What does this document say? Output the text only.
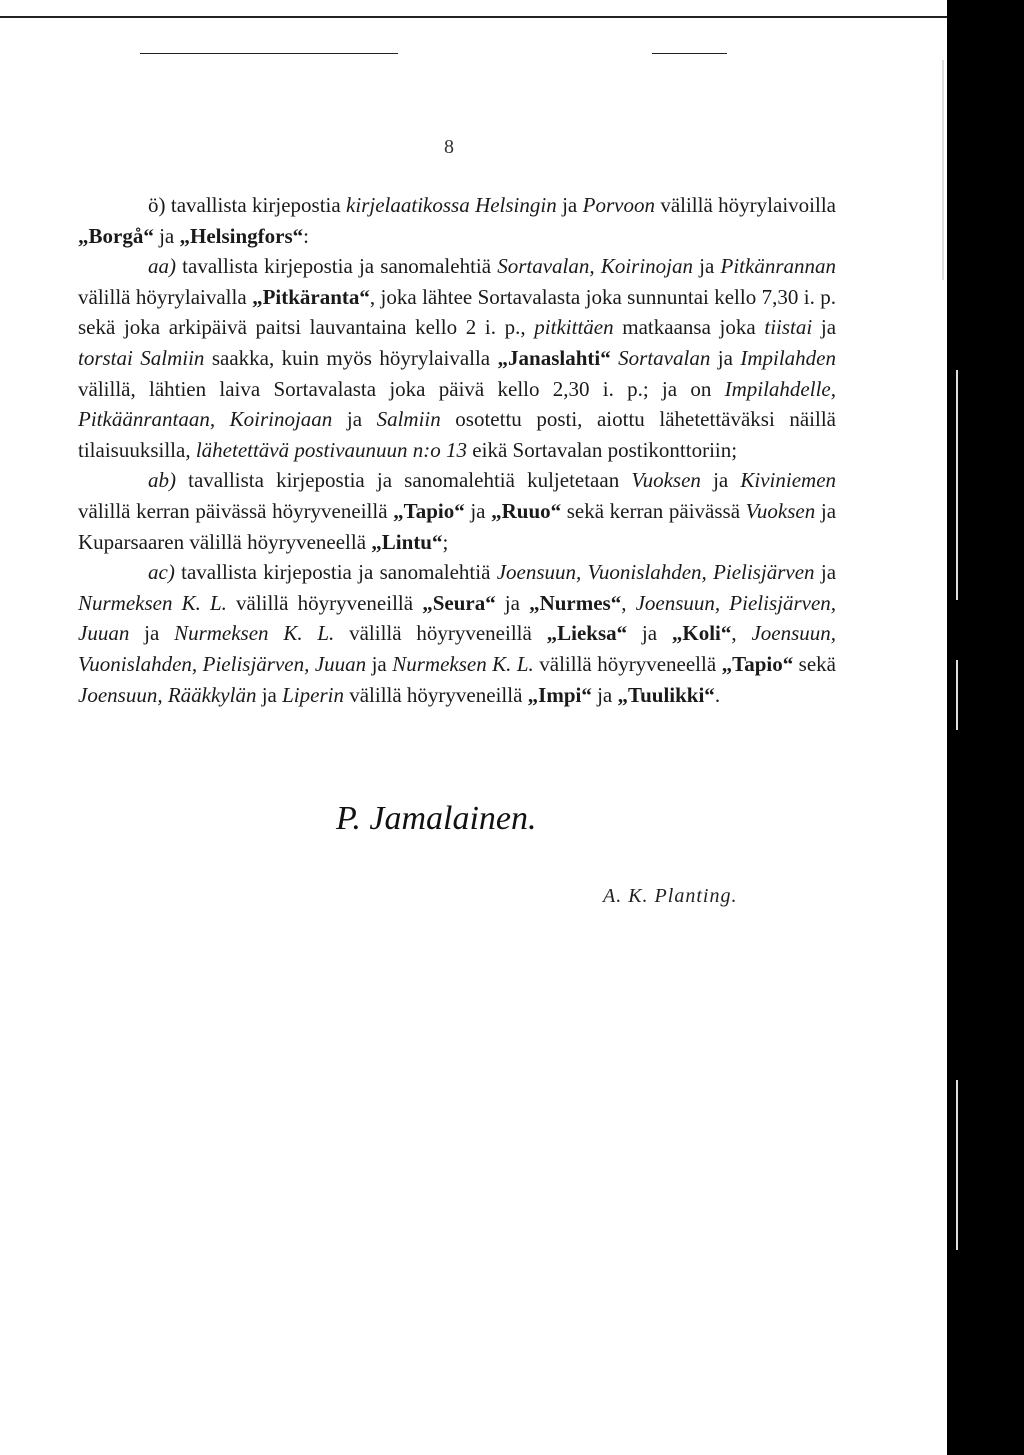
8

ö) tavallista kirjepostia kirjelaatikossa Helsingin ja Porvoon välillä höyrylaivoilla „Borgå“ ja „Helsingfors“:

aa) tavallista kirjepostia ja sanomalehtiä Sortavalan, Koirinojan ja Pitkänrannan välillä höyrylaivalla „Pitkäranta“, joka lähtee Sortavalasta joka sunnuntai kello 7,30 i. p. sekä joka arkipäivä paitsi lauvantaina kello 2 i. p., pitkittäen matkaansa joka tiistai ja torstai Salmiin saakka, kuin myös höyrylaivalla „Janaslahti“ Sortavalan ja Impilahden välillä, lähtien laiva Sortavalasta joka päivä kello 2,30 i. p.; ja on Impilahdelle, Pitkäänrantaan, Koirinojaan ja Salmiin osotettu posti, aiottu lähetettäväksi näillä tilaisuuksilla, lähetettävä postivaunuun n:o 13 eikä Sortavalan postikonttoriin;

ab) tavallista kirjepostia ja sanomalehtiä kuljetetaan Vuoksen ja Kiviniemen välillä kerran päivässä höyryveneillä „Tapio“ ja „Ruuo“ sekä kerran päivässä Vuoksen ja Kuparsaaren välillä höyryveneellä „Lintu“;

ac) tavallista kirjepostia ja sanomalehtiä Joensuun, Vuonislahden, Pielisjärven ja Nurmeksen K. L. välillä höyryveneillä „Seura“ ja „Nurmes“, Joensuun, Pielisjärven, Juuan ja Nurmeksen K. L. välillä höyryveneillä „Lieksa“ ja „Koli“, Joensuun, Vuonislahden, Pielisjärven, Juuan ja Nurmeksen K. L. välillä höyryveneellä „Tapio“ sekä Joensuun, Rääkkylän ja Liperin välillä höyryveneillä „Impi“ ja „Tuulikki“.

P. Jamalainen.
A. K. Planting.
